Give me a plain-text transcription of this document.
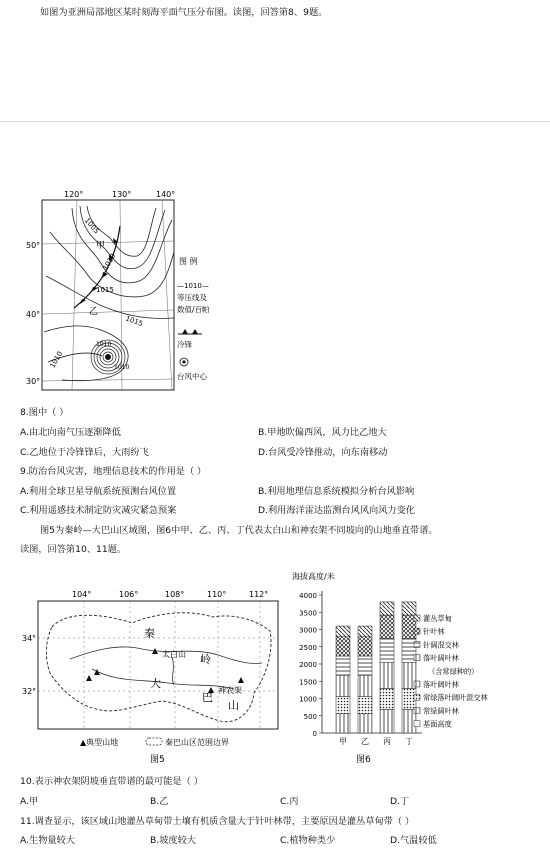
如图为亚洲局部地区某时刻海平面气压分布图。读图，回答第8、9题。
120°	130°	140°
50°
40°
30°
1005
1010
1015
1015
1010
1010
1010
甲
乙
图 例
—1010—
等压线及
数值/百帕
冷锋
台风中心
8.图中（ ）
A.由北向南气压逐渐降低	B.甲地吹偏西风，风力比乙地大
C.乙地位于冷锋锋后，大雨纷飞	D.台风受冷锋推动，向东南移动
9.防治台风灾害，地理信息技术的作用是（ ）
A.利用全球卫星导航系统预测台风位置	B.利用地理信息系统模拟分析台风影响
C.利用遥感技术制定防灾减灾紧急预案	D.利用海洋雷达监测台风风向风力变化
图5为秦岭—大巴山区域图，图6中甲、乙、丙、丁代表太白山和神农架不同坡向的山地垂直带谱。
读图，回答第10、11题。
104°	106°	108°	110°	112°
34°
32°
秦
太白山 岭
大
巴
山
神农架
▲典型山地	秦巴山区范围边界
图5
海拔高度/米
0
500
1000
1500
2000
2500
3000
3500
4000
甲 乙 丙 丁
灌丛草甸
针叶林
针阔混交林
落叶阔叶林
（含常绿种的）
落叶阔叶林
常绿落叶阔叶混交林
常绿阔叶林
基面高度
图6
10.表示神农架阴坡垂直带谱的最可能是（ ）
A.甲	B.乙	C.丙	D.丁
11.调查显示，该区域山地灌丛草甸带土壤有机质含量大于针叶林带，主要原因是灌丛草甸带（ ）
A.生物量较大	B.坡度较大	C.植物种类少	D.气温较低
